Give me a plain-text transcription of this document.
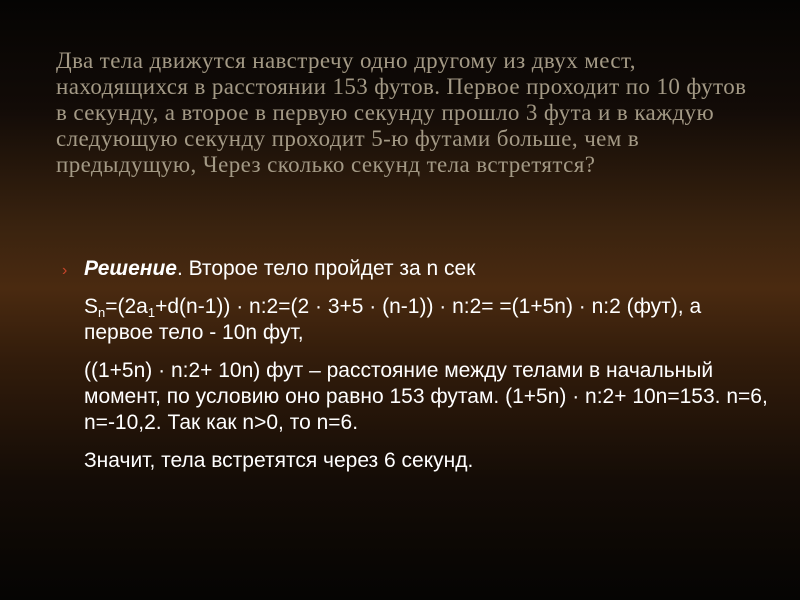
Два тела движутся навстречу одно другому из двух мест, находящихся в расстоянии 153 футов. Первое проходит по 10 футов в секунду, а второе в первую секунду прошло 3 фута и в каждую следующую секунду проходит 5-ю футами больше, чем в предыдущую, Через сколько секунд тела встретятся?
› Решение. Второе тело пройдет за n сек
$S_n=(2a_1+d(n-1))$ · n:2=(2 · 3+5 · (n-1)) · n:2= =(1+5n) · n:2 (фут), а первое тело - 10n фут,
((1+5n) · n:2+ 10n) фут – расстояние между телами в начальный момент, по условию оно равно 153 футам. (1+5n) · n:2+ 10n=153. n=6, n=-10,2. Так как n>0, то n=6.
Значит, тела встретятся через 6 секунд.
